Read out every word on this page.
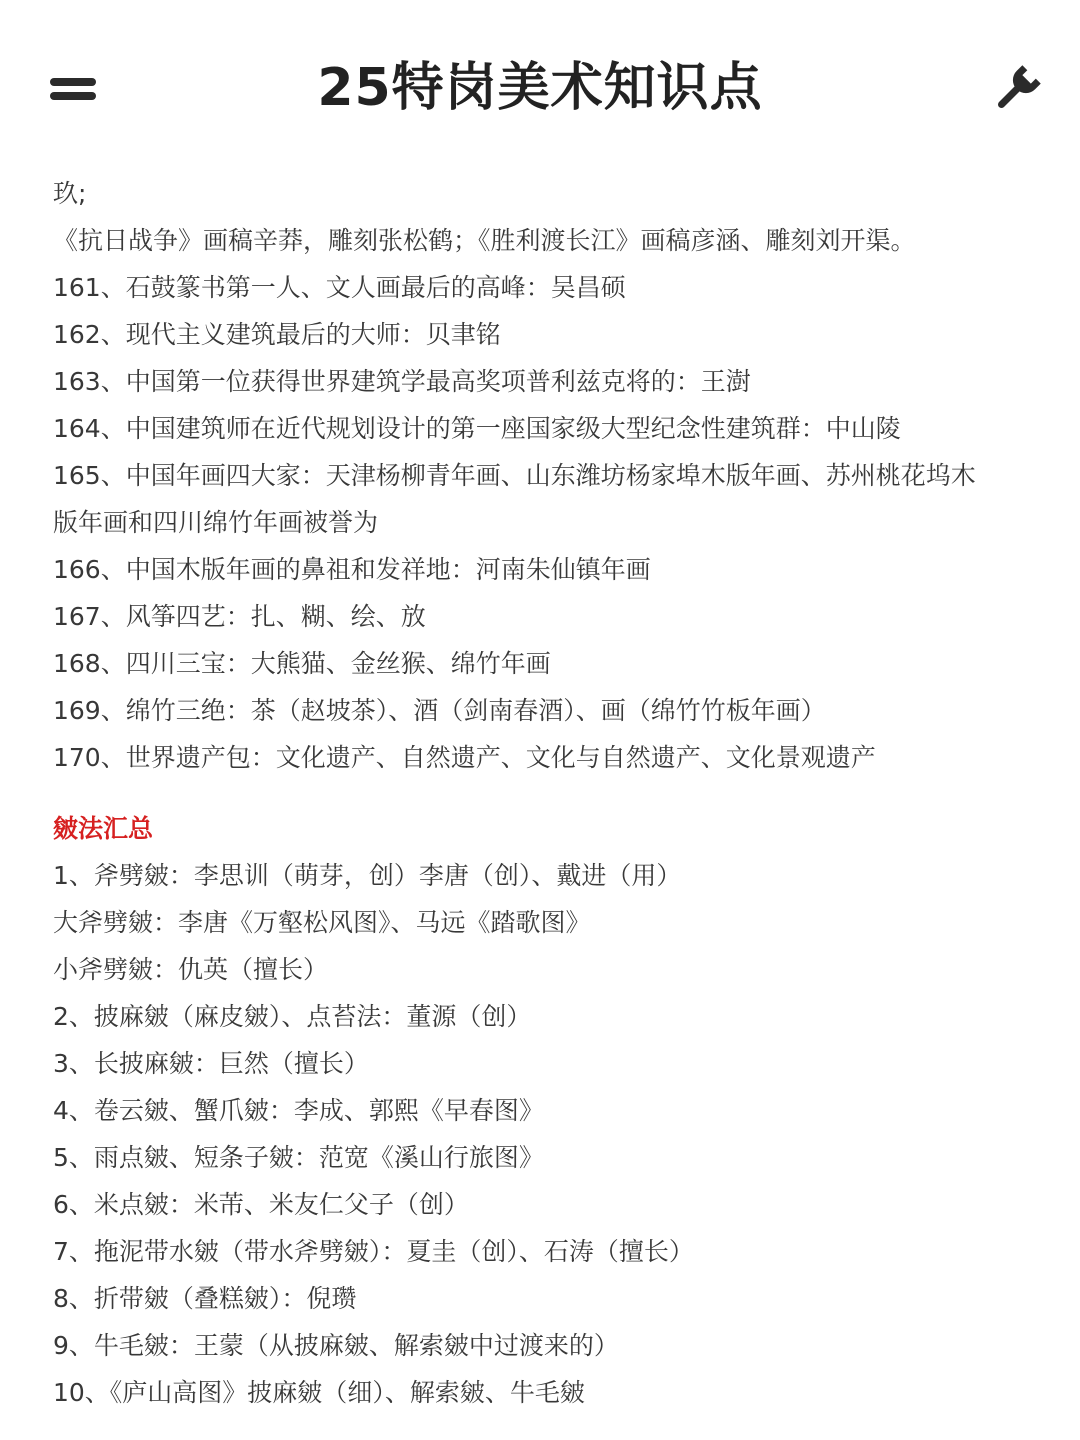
25特岗美术知识点
玖;
《抗日战争》画稿辛莽，雕刻张松鹤；《胜利渡长江》画稿彦涵、雕刻刘开渠。
161、石鼓篆书第一人、文人画最后的高峰：吴昌硕
162、现代主义建筑最后的大师：贝聿铭
163、中国第一位获得世界建筑学最高奖项普利兹克将的：王澍
164、中国建筑师在近代规划设计的第一座国家级大型纪念性建筑群：中山陵
165、中国年画四大家：天津杨柳青年画、山东潍坊杨家埠木版年画、苏州桃花坞木
版年画和四川绵竹年画被誉为
166、中国木版年画的鼻祖和发祥地：河南朱仙镇年画
167、风筝四艺：扎、糊、绘、放
168、四川三宝：大熊猫、金丝猴、绵竹年画
169、绵竹三绝：茶（赵坡茶）、酒（剑南春酒）、画（绵竹竹板年画）
170、世界遗产包：文化遗产、自然遗产、文化与自然遗产、文化景观遗产
皴法汇总
1、斧劈皴：李思训（萌芽，创）李唐（创）、戴进（用）
大斧劈皴：李唐《万壑松风图》、马远《踏歌图》
小斧劈皴：仇英（擅长）
2、披麻皴（麻皮皴）、点苔法：董源（创）
3、长披麻皴：巨然（擅长）
4、卷云皴、蟹爪皴：李成、郭熙《早春图》
5、雨点皴、短条子皴：范宽《溪山行旅图》
6、米点皴：米芾、米友仁父子（创）
7、拖泥带水皴（带水斧劈皴）：夏圭（创）、石涛（擅长）
8、折带皴（叠糕皴）：倪瓒
9、牛毛皴：王蒙（从披麻皴、解索皴中过渡来的）
10、《庐山高图》披麻皴（细）、解索皴、牛毛皴
